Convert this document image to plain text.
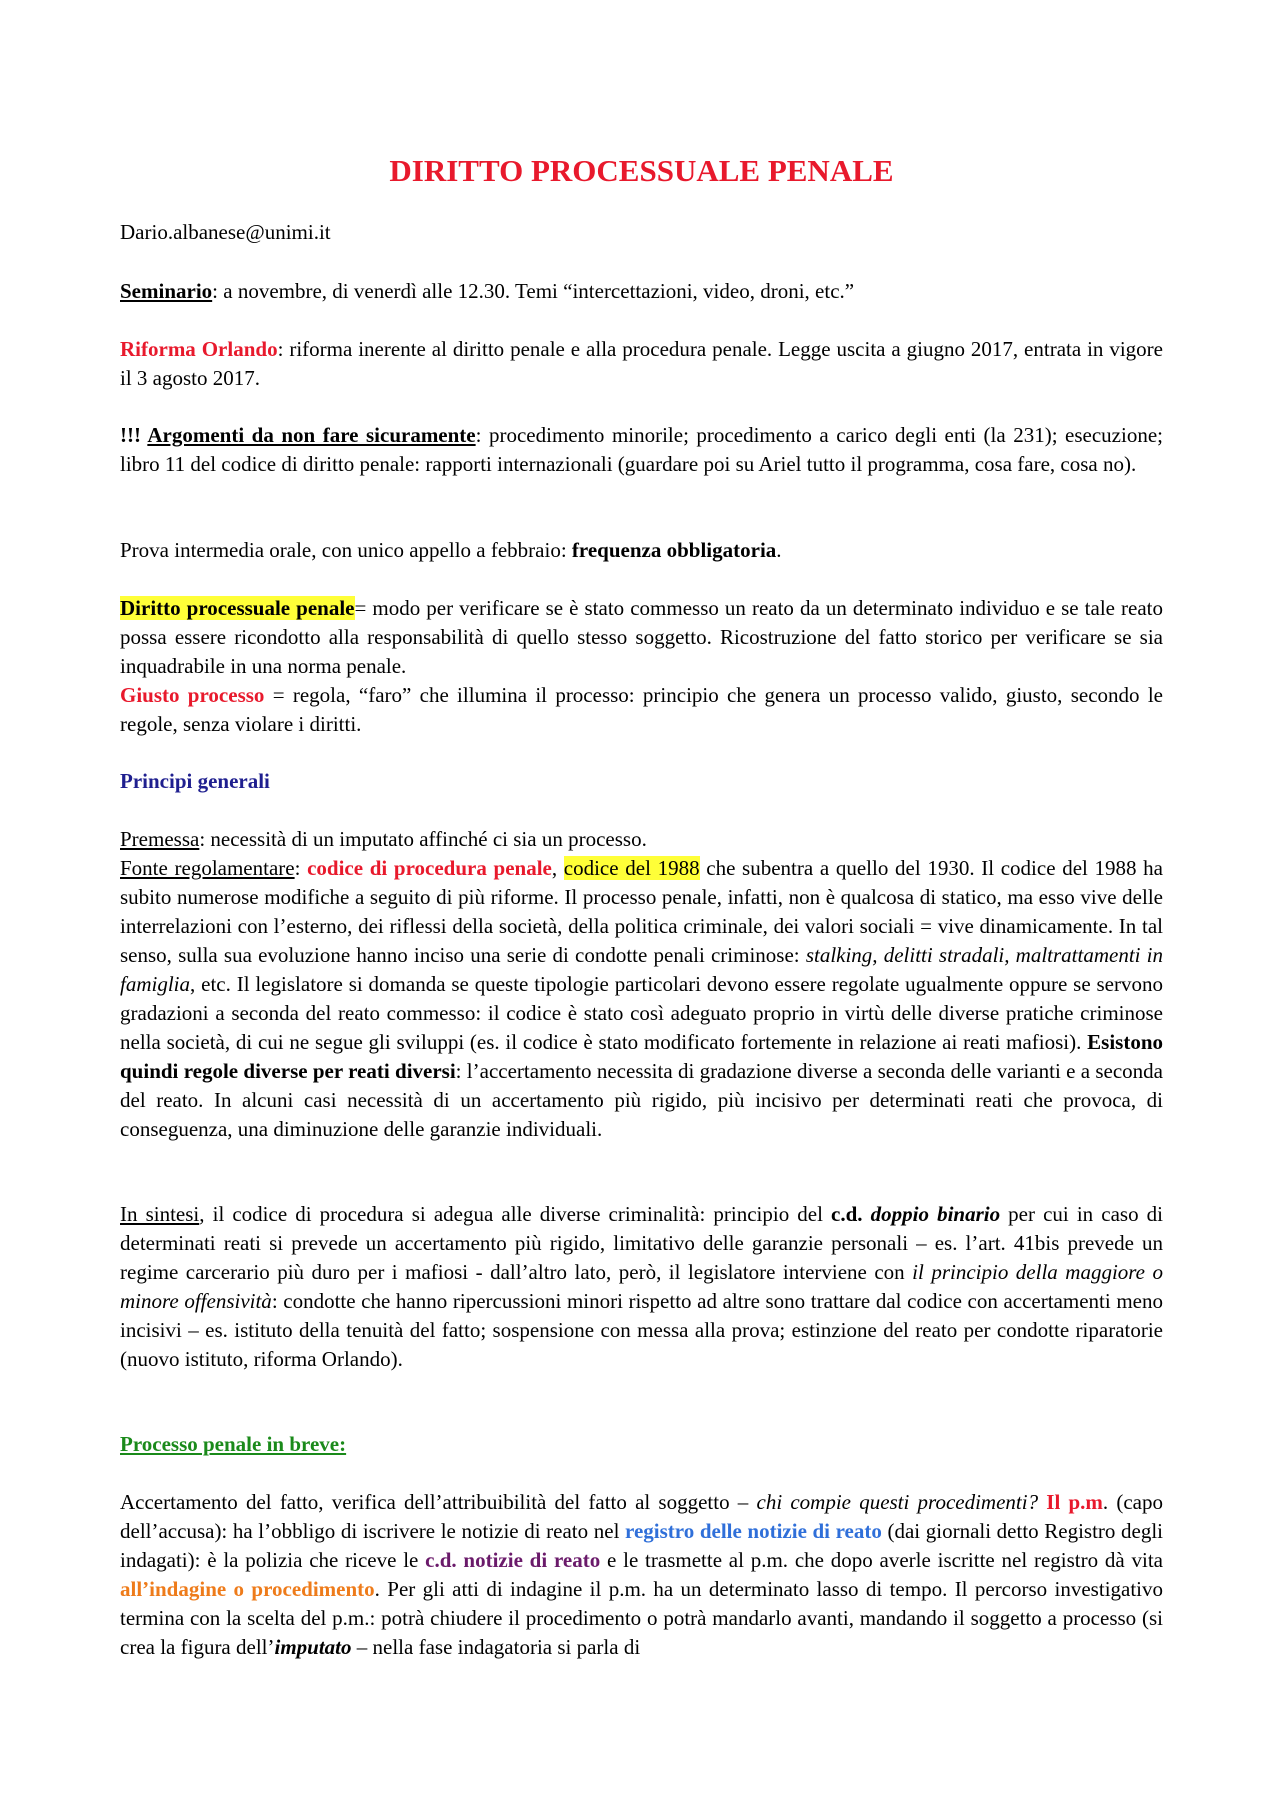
DIRITTO PROCESSUALE PENALE

Dario.albanese@unimi.it

Seminario: a novembre, di venerdì alle 12.30. Temi “intercettazioni, video, droni, etc.”

Riforma Orlando: riforma inerente al diritto penale e alla procedura penale. Legge uscita a giugno 2017, entrata in vigore il 3 agosto 2017.

!!! Argomenti da non fare sicuramente: procedimento minorile; procedimento a carico degli enti (la 231); esecuzione; libro 11 del codice di diritto penale: rapporti internazionali (guardare poi su Ariel tutto il programma, cosa fare, cosa no).

Prova intermedia orale, con unico appello a febbraio: frequenza obbligatoria.

Diritto processuale penale= modo per verificare se è stato commesso un reato da un determinato individuo e se tale reato possa essere ricondotto alla responsabilità di quello stesso soggetto. Ricostruzione del fatto storico per verificare se sia inquadrabile in una norma penale.

Giusto processo = regola, “faro” che illumina il processo: principio che genera un processo valido, giusto, secondo le regole, senza violare i diritti.

Principi generali

Premessa: necessità di un imputato affinché ci sia un processo.

Fonte regolamentare: codice di procedura penale, codice del 1988 che subentra a quello del 1930. Il codice del 1988 ha subito numerose modifiche a seguito di più riforme. Il processo penale, infatti, non è qualcosa di statico, ma esso vive delle interrelazioni con l’esterno, dei riflessi della società, della politica criminale, dei valori sociali = vive dinamicamente. In tal senso, sulla sua evoluzione hanno inciso una serie di condotte penali criminose: stalking, delitti stradali, maltrattamenti in famiglia, etc. Il legislatore si domanda se queste tipologie particolari devono essere regolate ugualmente oppure se servono gradazioni a seconda del reato commesso: il codice è stato così adeguato proprio in virtù delle diverse pratiche criminose nella società, di cui ne segue gli sviluppi (es. il codice è stato modificato fortemente in relazione ai reati mafiosi). Esistono quindi regole diverse per reati diversi: l’accertamento necessita di gradazione diverse a seconda delle varianti e a seconda del reato. In alcuni casi necessità di un accertamento più rigido, più incisivo per determinati reati che provoca, di conseguenza, una diminuzione delle garanzie individuali.

In sintesi, il codice di procedura si adegua alle diverse criminalità: principio del c.d. doppio binario per cui in caso di determinati reati si prevede un accertamento più rigido, limitativo delle garanzie personali – es. l’art. 41bis prevede un regime carcerario più duro per i mafiosi - dall’altro lato, però, il legislatore interviene con il principio della maggiore o minore offensività: condotte che hanno ripercussioni minori rispetto ad altre sono trattare dal codice con accertamenti meno incisivi – es. istituto della tenuità del fatto; sospensione con messa alla prova; estinzione del reato per condotte riparatorie (nuovo istituto, riforma Orlando).

Processo penale in breve:

Accertamento del fatto, verifica dell’attribuibilità del fatto al soggetto – chi compie questi procedimenti? Il p.m. (capo dell’accusa): ha l’obbligo di iscrivere le notizie di reato nel registro delle notizie di reato (dai giornali detto Registro degli indagati): è la polizia che riceve le c.d. notizie di reato e le trasmette al p.m. che dopo averle iscritte nel registro dà vita all’indagine o procedimento. Per gli atti di indagine il p.m. ha un determinato lasso di tempo. Il percorso investigativo termina con la scelta del p.m.: potrà chiudere il procedimento o potrà mandarlo avanti, mandando il soggetto a processo (si crea la figura dell’imputato – nella fase indagatoria si parla di
